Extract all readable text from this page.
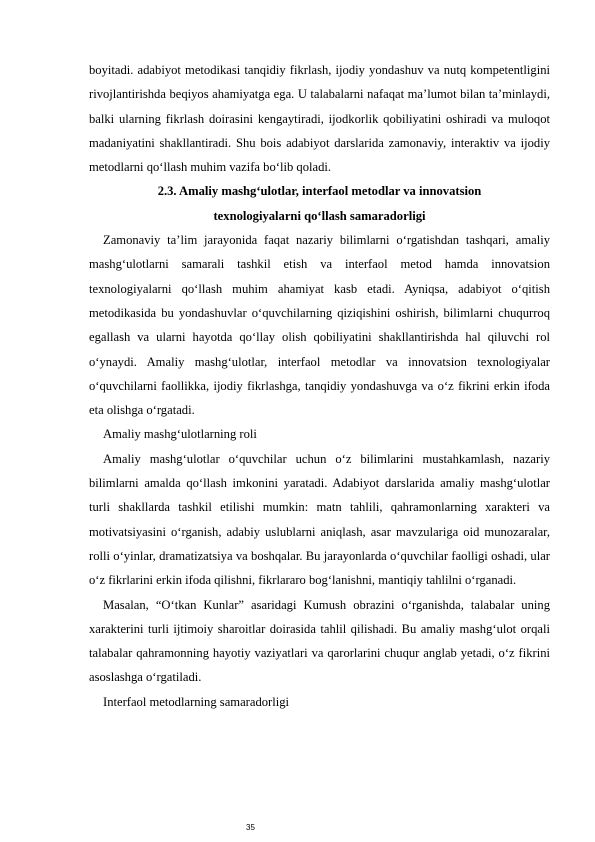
boyitadi. adabiyot metodikasi tanqidiy fikrlash, ijodiy yondashuv va nutq kompetentligini rivojlantirishda beqiyos ahamiyatga ega. U talabalarni nafaqat ma’lumot bilan ta’minlaydi, balki ularning fikrlash doirasini kengaytiradi, ijodkorlik qobiliyatini oshiradi va muloqot madaniyatini shakllantiradi. Shu bois adabiyot darslarida zamonaviy, interaktiv va ijodiy metodlarni qo‘llash muhim vazifa bo‘lib qoladi.

2.3. Amaliy mashg‘ulotlar, interfaol metodlar va innovatsion

texnologiyalarni qo‘llash samaradorligi

Zamonaviy ta’lim jarayonida faqat nazariy bilimlarni o‘rgatishdan tashqari, amaliy mashg‘ulotlarni samarali tashkil etish va interfaol metod hamda innovatsion texnologiyalarni qo‘llash muhim ahamiyat kasb etadi. Ayniqsa, adabiyot o‘qitish metodikasida bu yondashuvlar o‘quvchilarning qiziqishini oshirish, bilimlarni chuqurroq egallash va ularni hayotda qo‘llay olish qobiliyatini shakllantirishda hal qiluvchi rol o‘ynaydi. Amaliy mashg‘ulotlar, interfaol metodlar va innovatsion texnologiyalar o‘quvchilarni faollikka, ijodiy fikrlashga, tanqidiy yondashuvga va o‘z fikrini erkin ifoda eta olishga o‘rgatadi.

Amaliy mashg‘ulotlarning roli

Amaliy mashg‘ulotlar o‘quvchilar uchun o‘z bilimlarini mustahkamlash, nazariy bilimlarni amalda qo‘llash imkonini yaratadi. Adabiyot darslarida amaliy mashg‘ulotlar turli shakllarda tashkil etilishi mumkin: matn tahlili, qahramonlarning xarakteri va motivatsiyasini o‘rganish, adabiy uslublarni aniqlash, asar mavzulariga oid munozaralar, rolli o‘yinlar, dramatizatsiya va boshqalar. Bu jarayonlarda o‘quvchilar faolligi oshadi, ular o‘z fikrlarini erkin ifoda qilishni, fikrlararo bog‘lanishni, mantiqiy tahlilni o‘rganadi.

Masalan, “O‘tkan Kunlar” asaridagi Kumush obrazini o‘rganishda, talabalar uning xarakterini turli ijtimoiy sharoitlar doirasida tahlil qilishadi. Bu amaliy mashg‘ulot orqali talabalar qahramonning hayotiy vaziyatlari va qarorlarini chuqur anglab yetadi, o‘z fikrini asoslashga o‘rgatiladi.

Interfaol metodlarning samaradorligi

35
